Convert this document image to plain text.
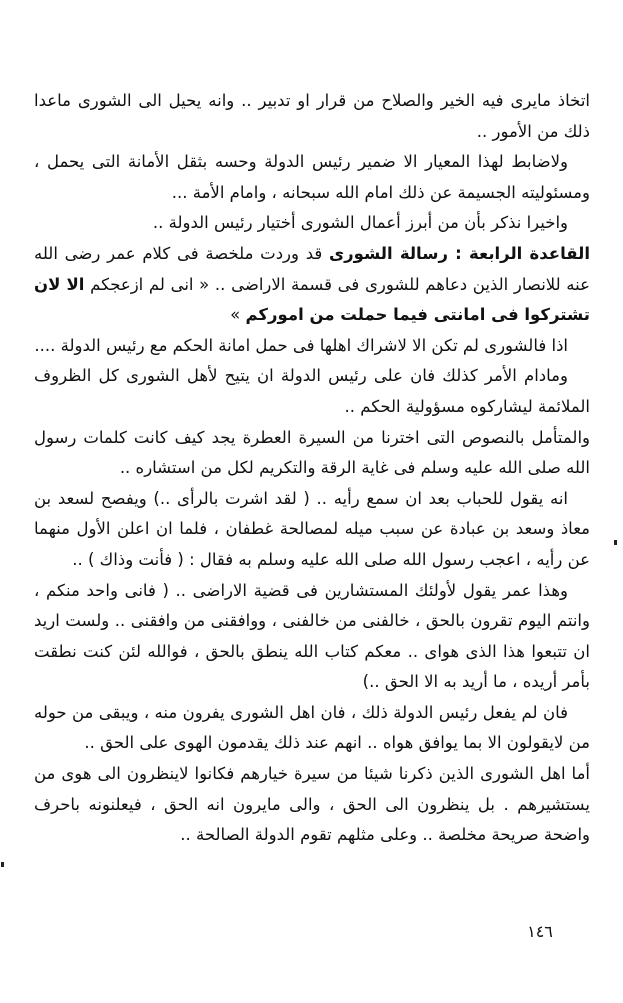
اتخاذ مايرى فيه الخير والصلاح من قرار او تدبير .. وانه يحيل الى الشورى ماعدا ذلك من الأمور ..

ولاضابط لهذا المعيار الا ضمير رئيس الدولة وحسه بثقل الأمانة التى يحمل ، ومسئوليته الجسيمة عن ذلك امام الله سبحانه ، وامام الأمة ...

واخيرا نذكر بأن من أبرز أعمال الشورى أختيار رئيس الدولة ..

القاعدة الرابعة : رسالة الشورى قد وردت ملخصة فى كلام عمر رضى الله عنه للانصار الذين دعاهم للشورى فى قسمة الاراضى .. « انى لم ازعجكم الا لان تشتركوا فى امانتى فيما حملت من اموركم »

اذا فالشورى لم تكن الا لاشراك اهلها فى حمل امانة الحكم مع رئيس الدولة ....

ومادام الأمر كذلك فان على رئيس الدولة ان يتيح لأهل الشورى كل الظروف الملائمة ليشاركوه مسؤولية الحكم ..

والمتأمل بالنصوص التى اخترنا من السيرة العطرة يجد كيف كانت كلمات رسول الله صلى الله عليه وسلم فى غاية الرقة والتكريم لكل من استشاره ..

انه يقول للحباب بعد ان سمع رأيه .. ( لقد اشرت بالرأى ..) ويفصح لسعد بن معاذ وسعد بن عبادة عن سبب ميله لمصالحة غطفان ، فلما ان اعلن الأول منهما عن رأيه ، اعجب رسول الله صلى الله عليه وسلم به فقال : ( فأنت وذاك ) ..

وهذا عمر يقول لأولئك المستشارين فى قضية الاراضى .. ( فانى واحد منكم ، وانتم اليوم تقرون بالحق ، خالفنى من خالفنى ، ووافقنى من وافقنى .. ولست اريد ان تتبعوا هذا الذى هواى .. معكم كتاب الله ينطق بالحق ، فوالله لئن كنت نطقت بأمر أريده ، ما أريد به الا الحق ..)

فان لم يفعل رئيس الدولة ذلك ، فان اهل الشورى يفرون منه ، ويبقى من حوله من لايقولون الا بما يوافق هواه .. انهم عند ذلك يقدمون الهوى على الحق ..

أما اهل الشورى الذين ذكرنا شيئا من سيرة خيارهم فكانوا لاينظرون الى هوى من يستشيرهم . بل ينظرون الى الحق ، والى مايرون انه الحق ، فيعلنونه باحرف واضحة صريحة مخلصة .. وعلى مثلهم تقوم الدولة الصالحة ..

١٤٦
